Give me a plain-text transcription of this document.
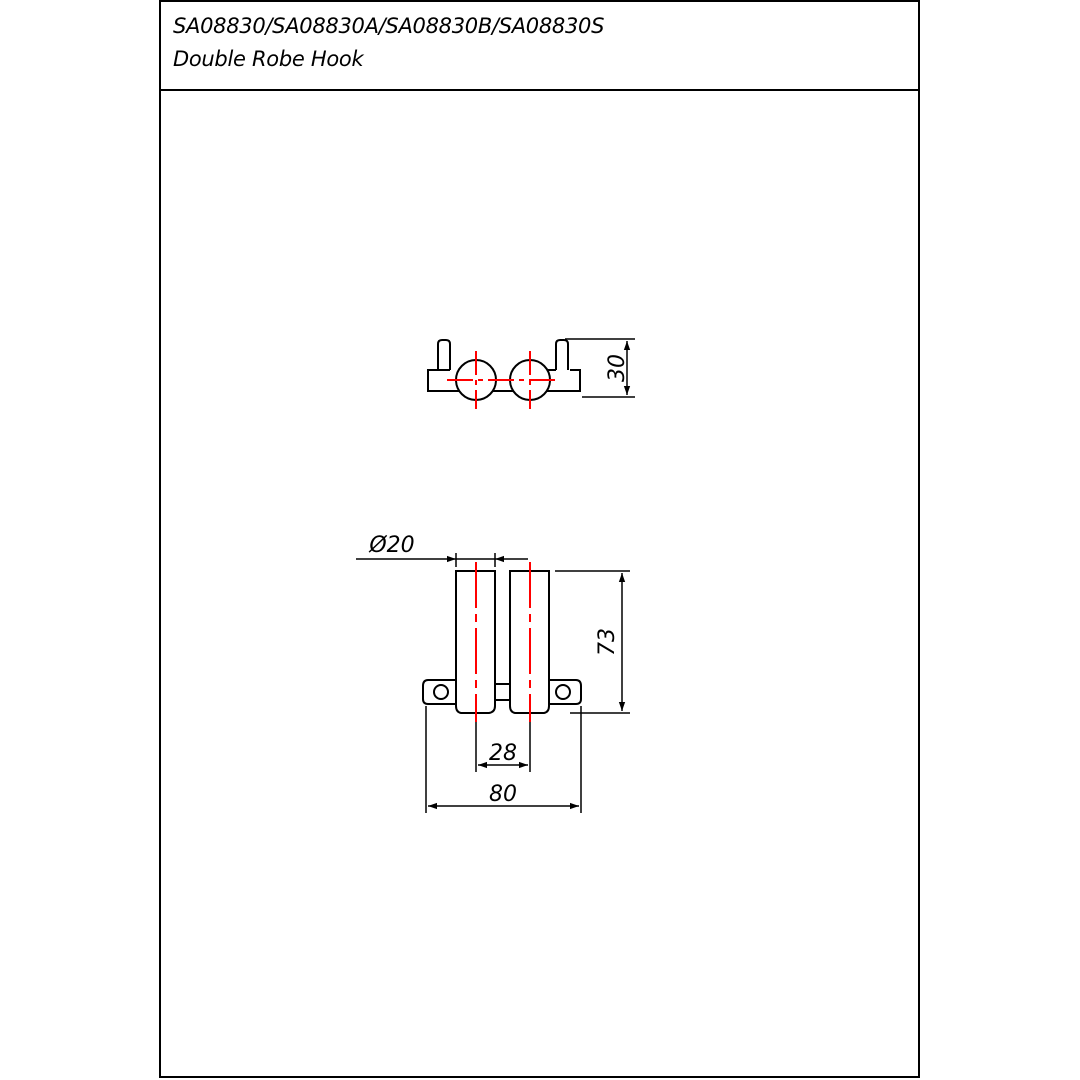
SA08830/SA08830A/SA08830B/SA08830S
Double Robe Hook
30
Ø20
73
28
80
